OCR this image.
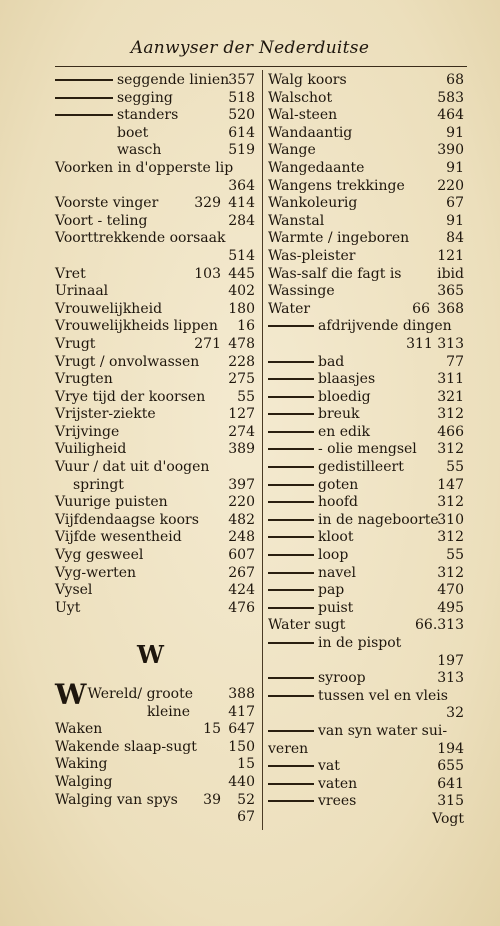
Aanwyser der Nederduitse
seggende linien 357
segging	518
standers	520
boet	614
wasch	519
Voorken in d'opperste lip
364
Voorste vinger	329 414
Voort - teling	284
Voorttrekkende oorsaak
514
Vret	103 445
Urinaal	402
Vrouwelijkheid	180
Vrouwelijkheids lippen 16
Vrugt	271 478
Vrugt / onvolwassen 228
Vrugten	275
Vrye tijd der koorsen 55
Vrijster-ziekte	127
Vrijvinge	274
Vuiligheid	389
Vuur / dat uit d'oogen
springt	397
Vuurige puisten	220
Vijfdendaagse koors 482
Vijfde wesentheid	248
Vyg gesweel	607
Vyg-werten	267
Vysel	424
Uyt	476
W
WWereld/ groote	388
kleine	417
Waken	15 647
Wakende slaap-sugt 150
Waking	15
Walging	440
Walging van spys 39 52
67
Walg koors	68
Walschot	583
Wal-steen	464
Wandaantig	91
Wange	390
Wangedaante	91
Wangens trekkinge 220
Wankoleurig	67
Wanstal	91
Warmte / ingeboren	84
Was-pleister	121
Was-salf die fagt is	ibid
Wassinge	365
Water	66 368
afdrijvende dingen
311 313
bad	77
blaasjes	311
bloedig	321
breuk	312
en edik	466
- olie mengsel 312
gedistilleert	55
goten	147
hoofd	312
in de nageboorte
310
kloot	312
loop	55
navel	312
pap	470
puist	495
Water sugt	66.313
in de pispot
197
syroop	313
tussen vel en vleis
32
van syn water sui-
veren	194
vat	655
vaten	641
vrees	315
Vogt
